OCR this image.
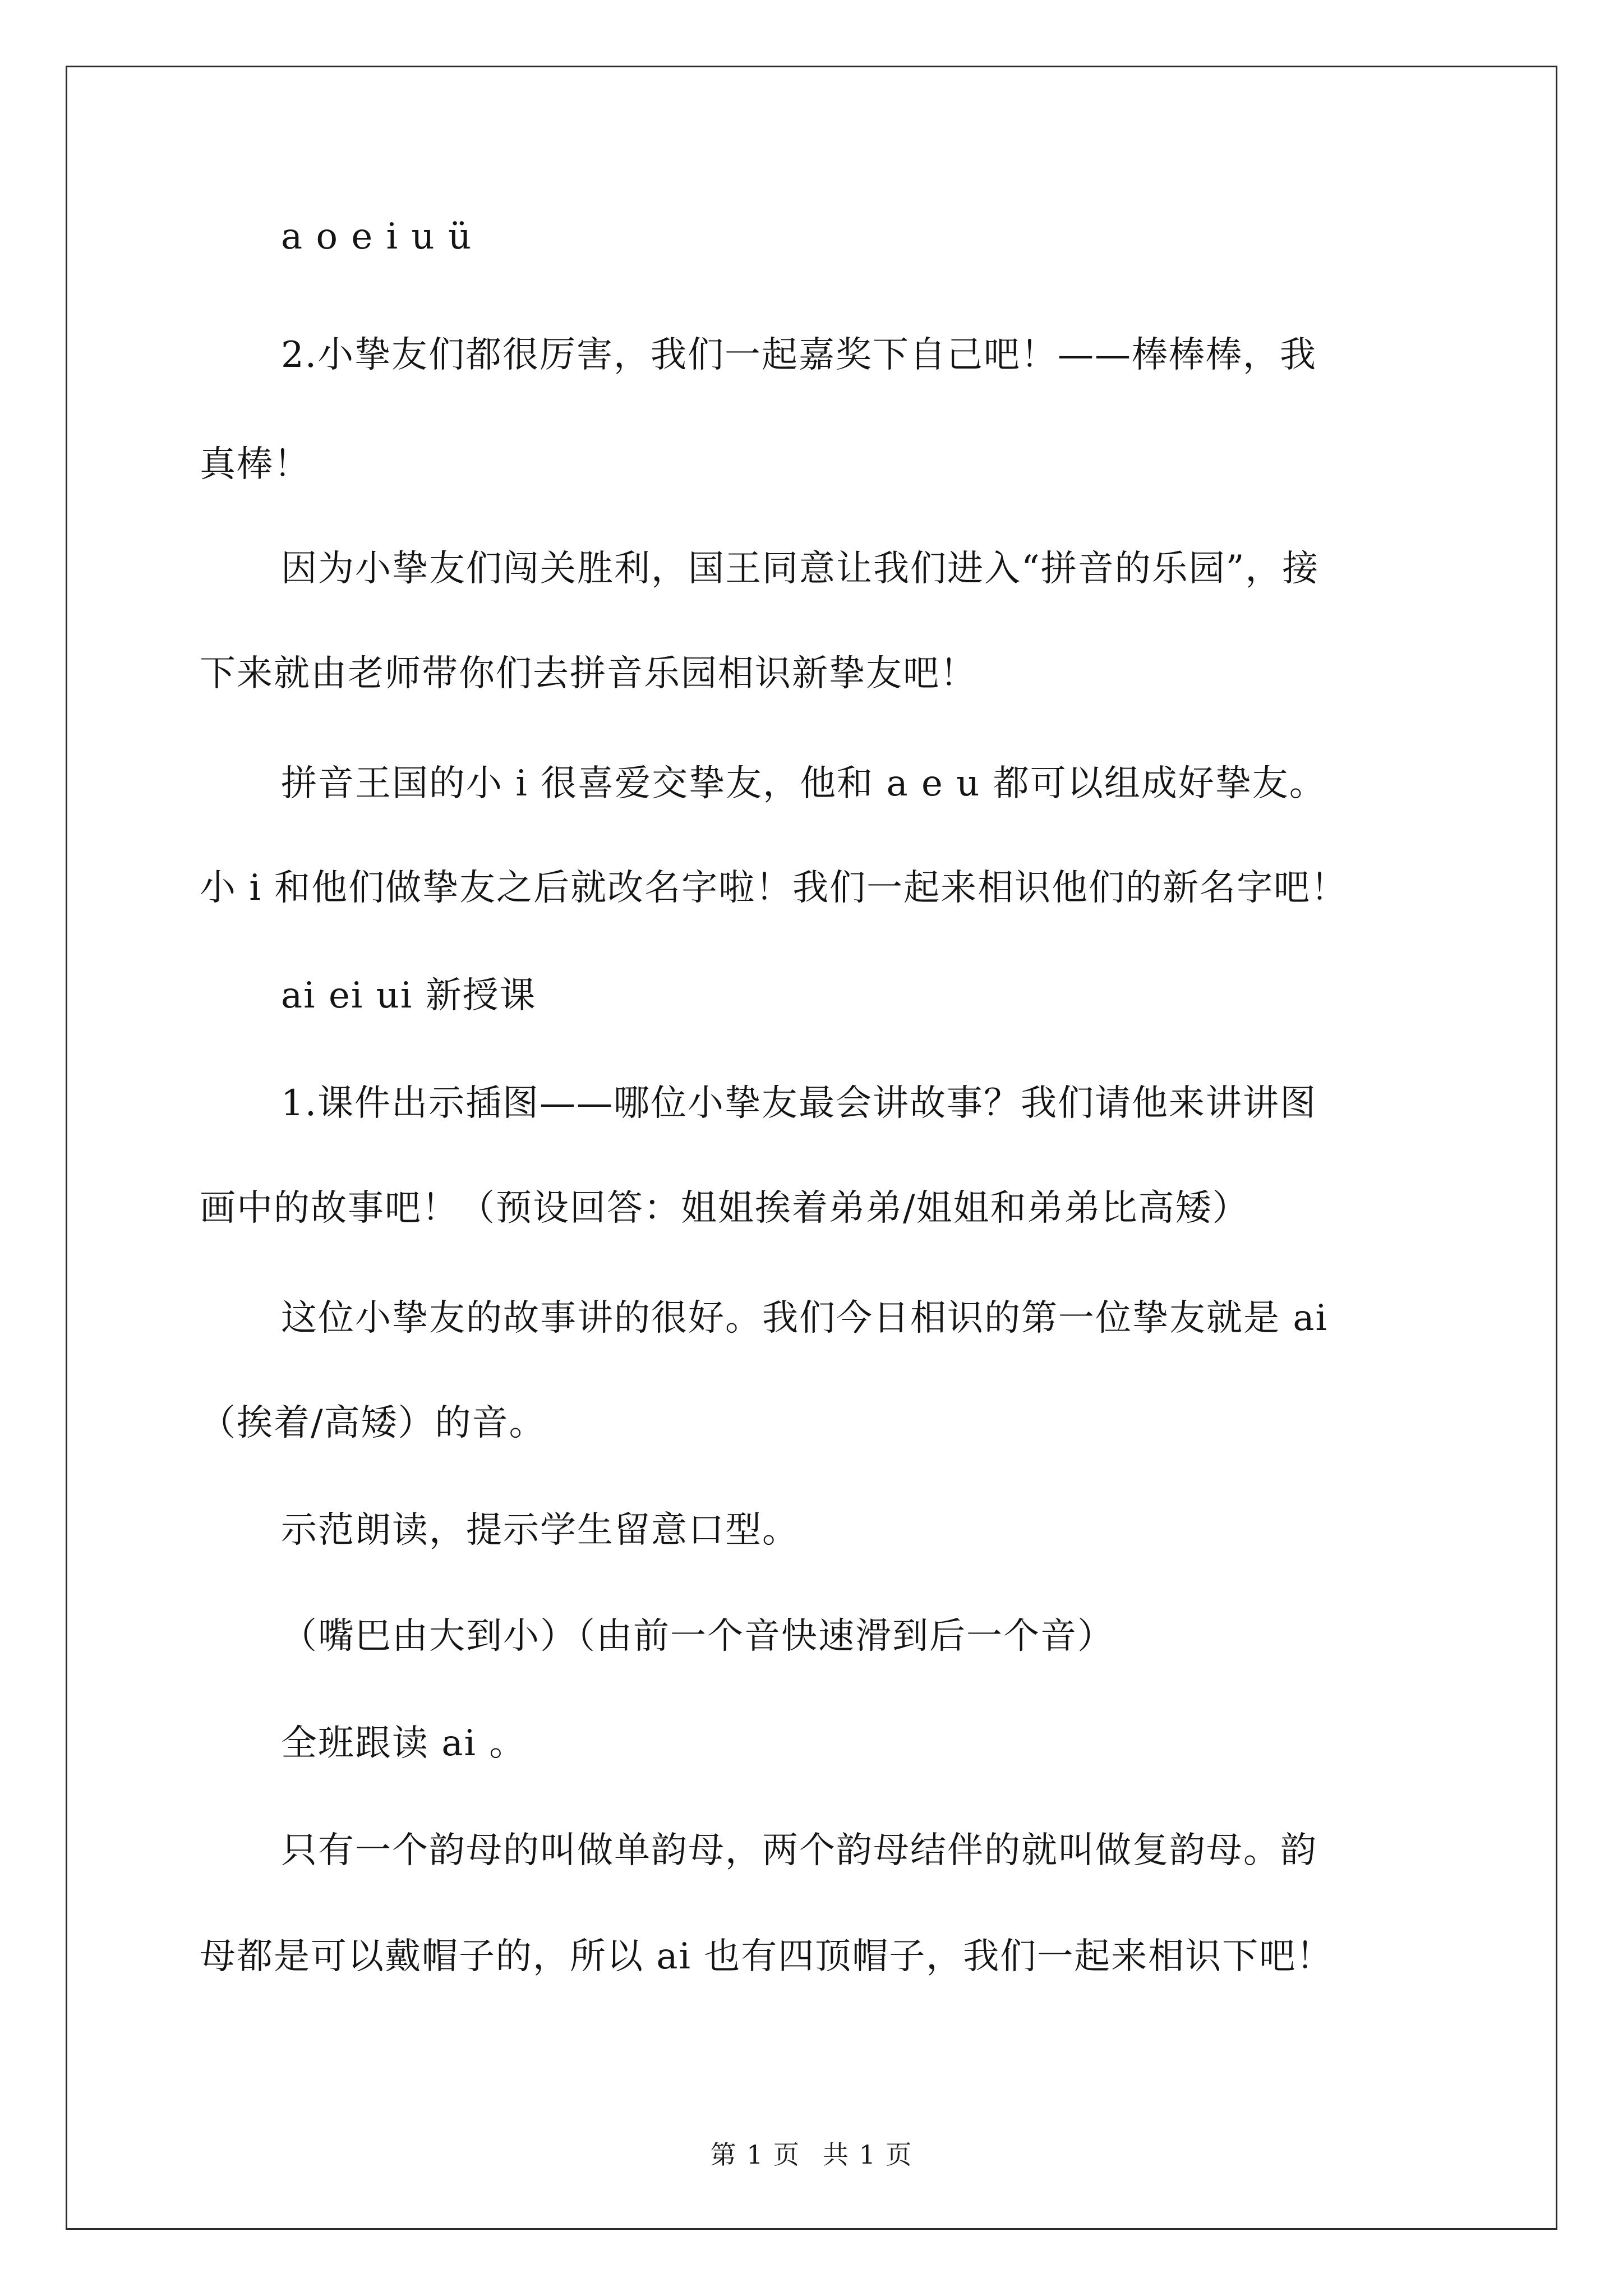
a o e i u ü

2.小挚友们都很厉害，我们一起嘉奖下自己吧！——棒棒棒，我

真棒！

因为小挚友们闯关胜利，国王同意让我们进入“拼音的乐园”，接

下来就由老师带你们去拼音乐园相识新挚友吧！

拼音王国的小 i 很喜爱交挚友，他和 a e u 都可以组成好挚友。

小 i 和他们做挚友之后就改名字啦！我们一起来相识他们的新名字吧！

ai ei ui 新授课

1.课件出示插图——哪位小挚友最会讲故事？我们请他来讲讲图

画中的故事吧！（预设回答：姐姐挨着弟弟/姐姐和弟弟比高矮）

这位小挚友的故事讲的很好。我们今日相识的第一位挚友就是 ai

（挨着/高矮）的音。

示范朗读，提示学生留意口型。

（嘴巴由大到小）（由前一个音快速滑到后一个音）

全班跟读 ai 。

只有一个韵母的叫做单韵母，两个韵母结伴的就叫做复韵母。韵

母都是可以戴帽子的，所以 ai 也有四顶帽子，我们一起来相识下吧！

第 1 页 共 1 页
